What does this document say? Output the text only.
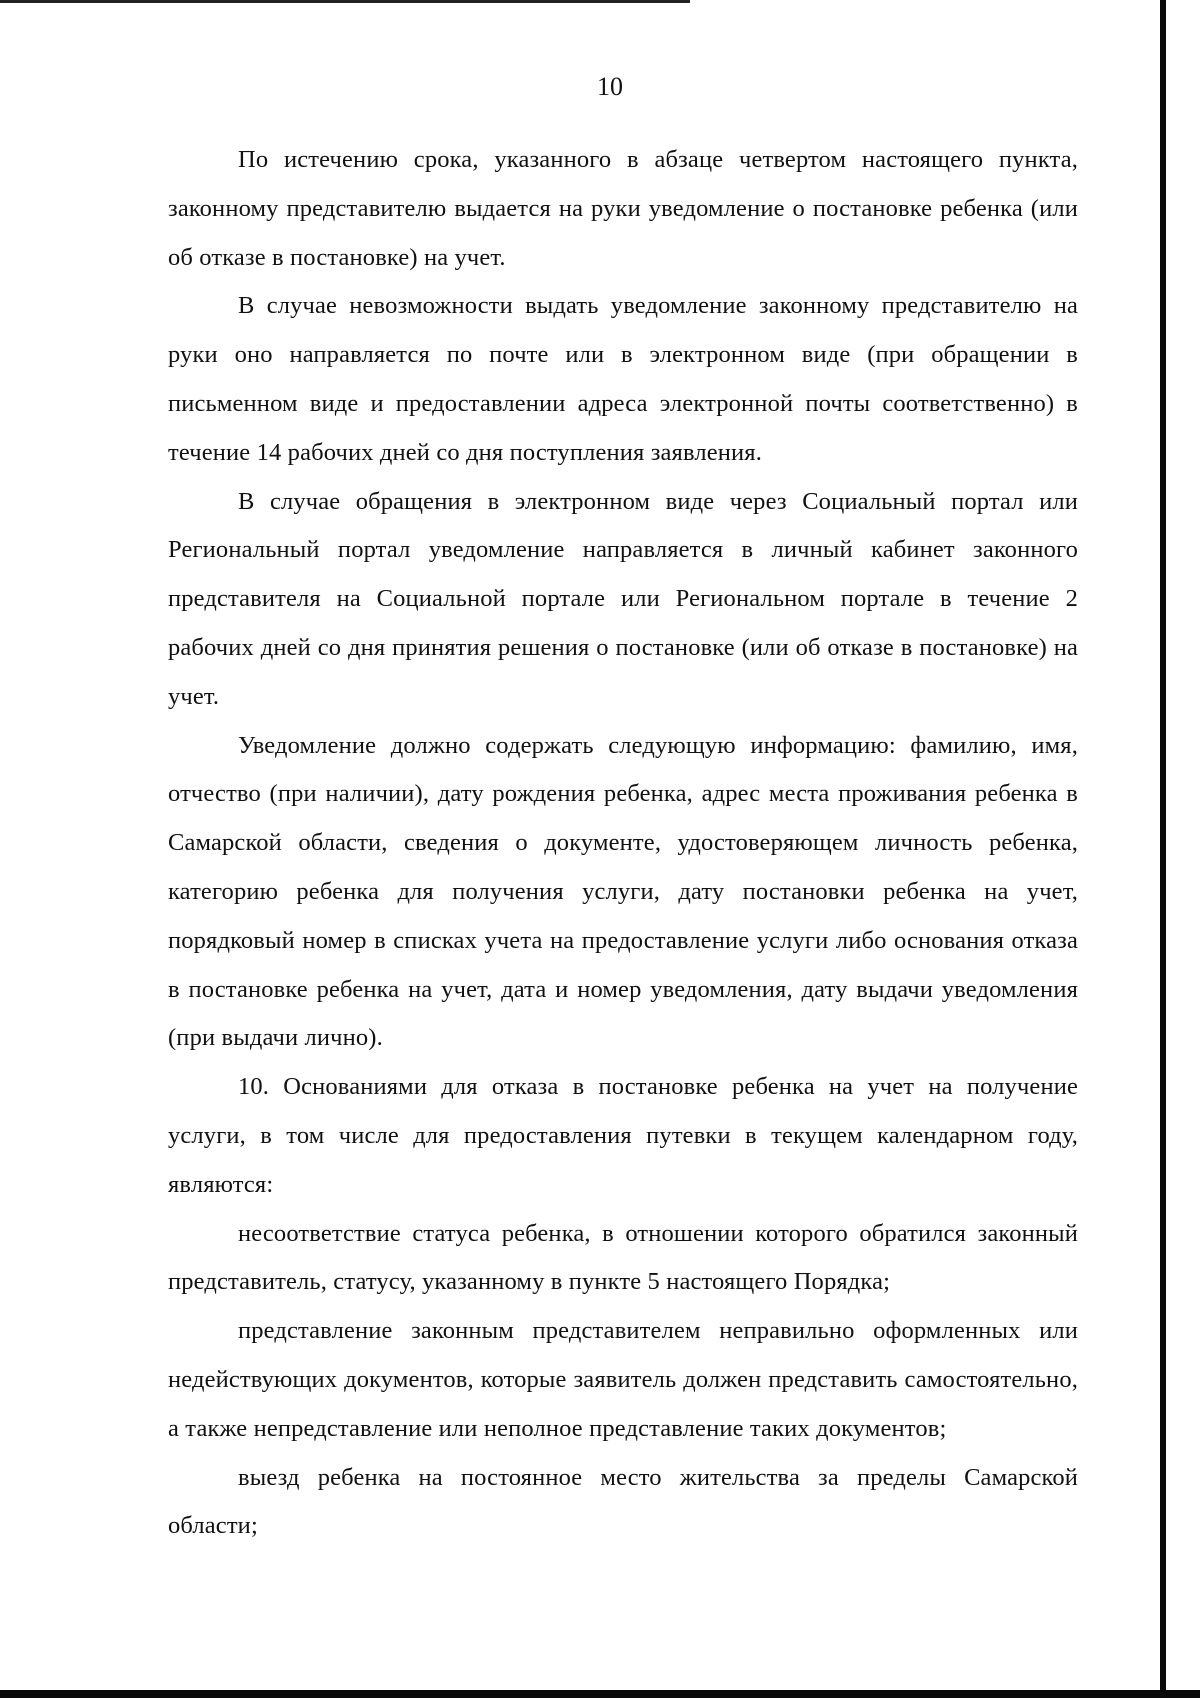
10

По истечению срока, указанного в абзаце четвертом настоящего пункта, законному представителю выдается на руки уведомление о постановке ребенка (или об отказе в постановке) на учет.

В случае невозможности выдать уведомление законному представителю на руки оно направляется по почте или в электронном виде (при обращении в письменном виде и предоставлении адреса электронной почты соответственно) в течение 14 рабочих дней со дня поступления заявления.

В случае обращения в электронном виде через Социальный портал или Региональный портал уведомление направляется в личный кабинет законного представителя на Социальной портале или Региональном портале в течение 2 рабочих дней со дня принятия решения о постановке (или об отказе в постановке) на учет.

Уведомление должно содержать следующую информацию: фамилию, имя, отчество (при наличии), дату рождения ребенка, адрес места проживания ребенка в Самарской области, сведения о документе, удостоверяющем личность ребенка, категорию ребенка для получения услуги, дату постановки ребенка на учет, порядковый номер в списках учета на предоставление услуги либо основания отказа в постановке ребенка на учет, дата и номер уведомления, дату выдачи уведомления (при выдачи лично).

10. Основаниями для отказа в постановке ребенка на учет на получение услуги, в том числе для предоставления путевки в текущем календарном году, являются:

несоответствие статуса ребенка, в отношении которого обратился законный представитель, статусу, указанному в пункте 5 настоящего Порядка;

представление законным представителем неправильно оформленных или недействующих документов, которые заявитель должен представить самостоятельно, а также непредставление или неполное представление таких документов;

выезд ребенка на постоянное место жительства за пределы Самарской области;
